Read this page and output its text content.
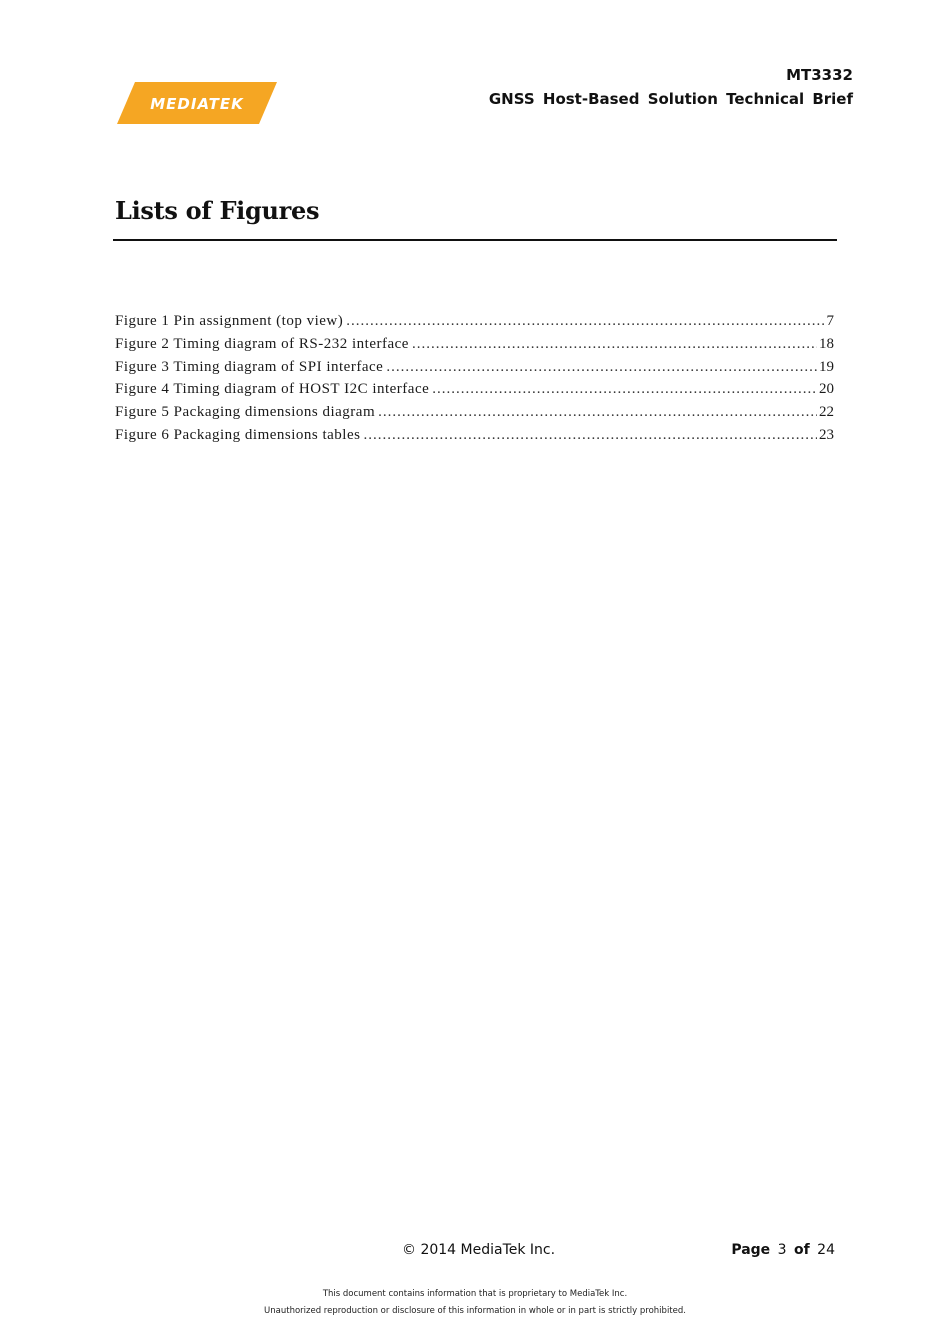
MEDIATEK
MT3332
GNSS Host-Based Solution Technical Brief
Lists of Figures
Figure 1 Pin assignment (top view) .....	7
Figure 2 Timing diagram of RS-232 interface .....	18
Figure 3 Timing diagram of SPI interface .....	19
Figure 4 Timing diagram of HOST I2C interface .....	20
Figure 5 Packaging dimensions diagram .....	22
Figure 6 Packaging dimensions tables .....	23
© 2014 MediaTek Inc.	Page 3 of 24
This document contains information that is proprietary to MediaTek Inc.
Unauthorized reproduction or disclosure of this information in whole or in part is strictly prohibited.
